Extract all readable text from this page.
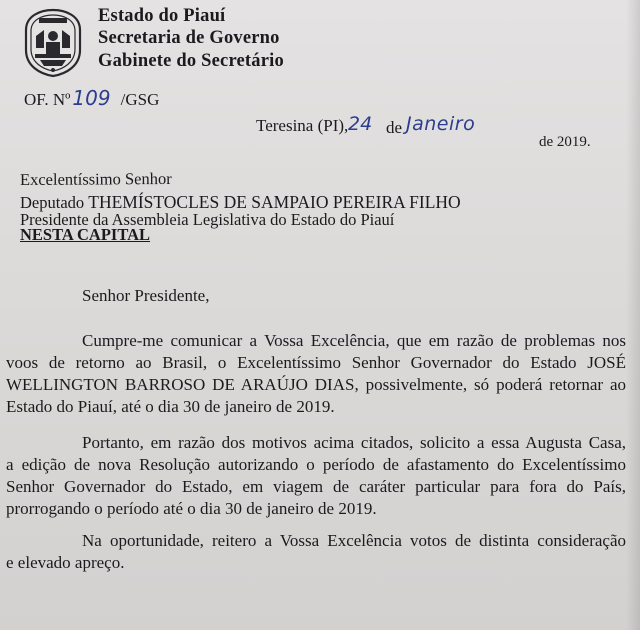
Estado do Piauí
Secretaria de Governo
Gabinete do Secretário
OF. Nº 109 /GSG
Teresina (PI), 24 de Janeiro
de 2019.
Excelentíssimo Senhor
Deputado THEMÍSTOCLES DE SAMPAIO PEREIRA FILHO
Presidente da Assembleia Legislativa do Estado do Piauí
NESTA CAPITAL
Senhor Presidente,

Cumpre-me comunicar a Vossa Excelência, que em razão de problemas nos
voos de retorno ao Brasil, o Excelentíssimo Senhor Governador do Estado JOSÉ
WELLINGTON BARROSO DE ARAÚJO DIAS, possivelmente, só poderá retornar ao
Estado do Piauí, até o dia 30 de janeiro de 2019.

Portanto, em razão dos motivos acima citados, solicito a essa Augusta Casa,
a edição de nova Resolução autorizando o período de afastamento do Excelentíssimo
Senhor Governador do Estado, em viagem de caráter particular para fora do País,
prorrogando o período até o dia 30 de janeiro de 2019.

Na oportunidade, reitero a Vossa Excelência votos de distinta consideração
e elevado apreço.
